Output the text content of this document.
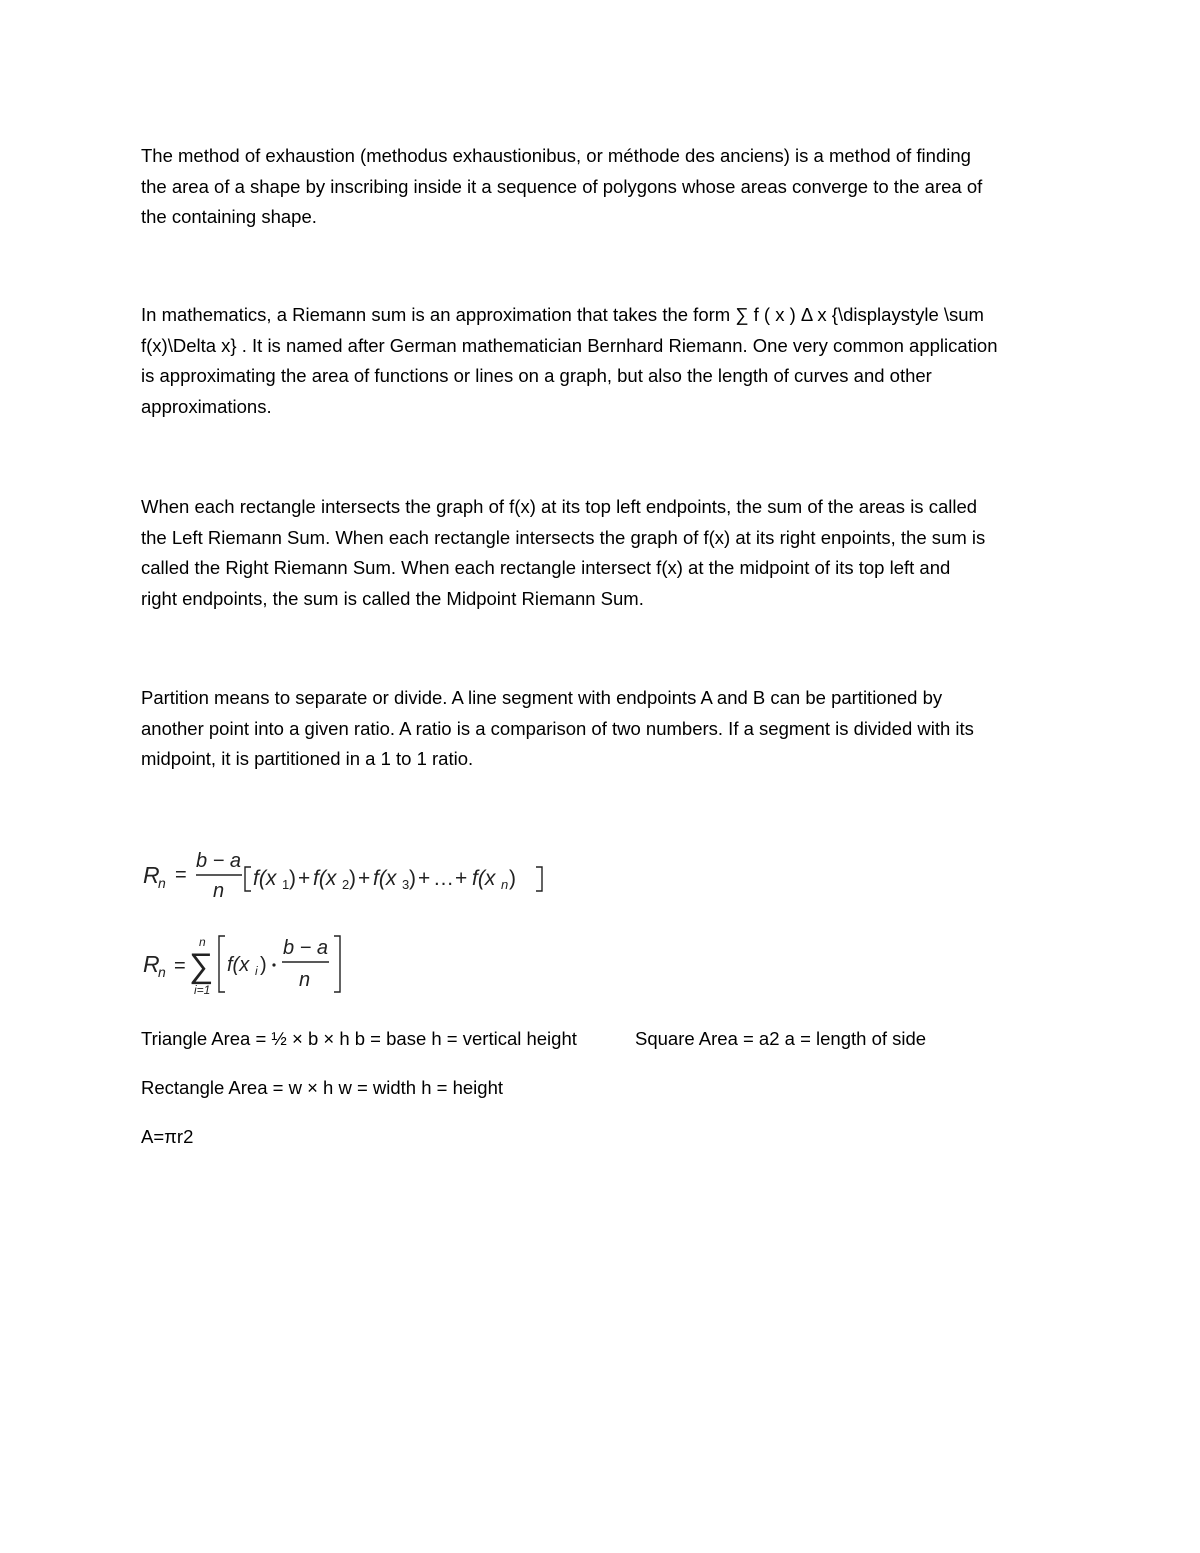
The method of exhaustion (methodus exhaustionibus, or méthode des anciens) is a method of finding
the area of a shape by inscribing inside it a sequence of polygons whose areas converge to the area of
the containing shape.

In mathematics, a Riemann sum is an approximation that takes the form ∑ f ( x ) Δ x {\displaystyle \sum
f(x)\Delta x} . It is named after German mathematician Bernhard Riemann. One very common application
is approximating the area of functions or lines on a graph, but also the length of curves and other
approximations.

When each rectangle intersects the graph of f(x) at its top left endpoints, the sum of the areas is called
the Left Riemann Sum. When each rectangle intersects the graph of f(x) at its right enpoints, the sum is
called the Right Riemann Sum. When each rectangle intersect f(x) at the midpoint of its top left and
right endpoints, the sum is called the Midpoint Riemann Sum.

Partition means to separate or divide. A line segment with endpoints A and B can be partitioned by
another point into a given ratio. A ratio is a comparison of two numbers. If a segment is divided with its
midpoint, it is partitioned in a 1 to 1 ratio.

R
n =
b − a
n
f(x 1 ) + f(x 2 ) + f(x 3 ) + … + f(x n )
R
n =
n
∑
i=1
f(x i )
b − a
n
Triangle Area = ½ × b × h b = base h = vertical height	Square Area = a2 a = length of side
Rectangle Area = w × h w = width h = height
A=πr2
